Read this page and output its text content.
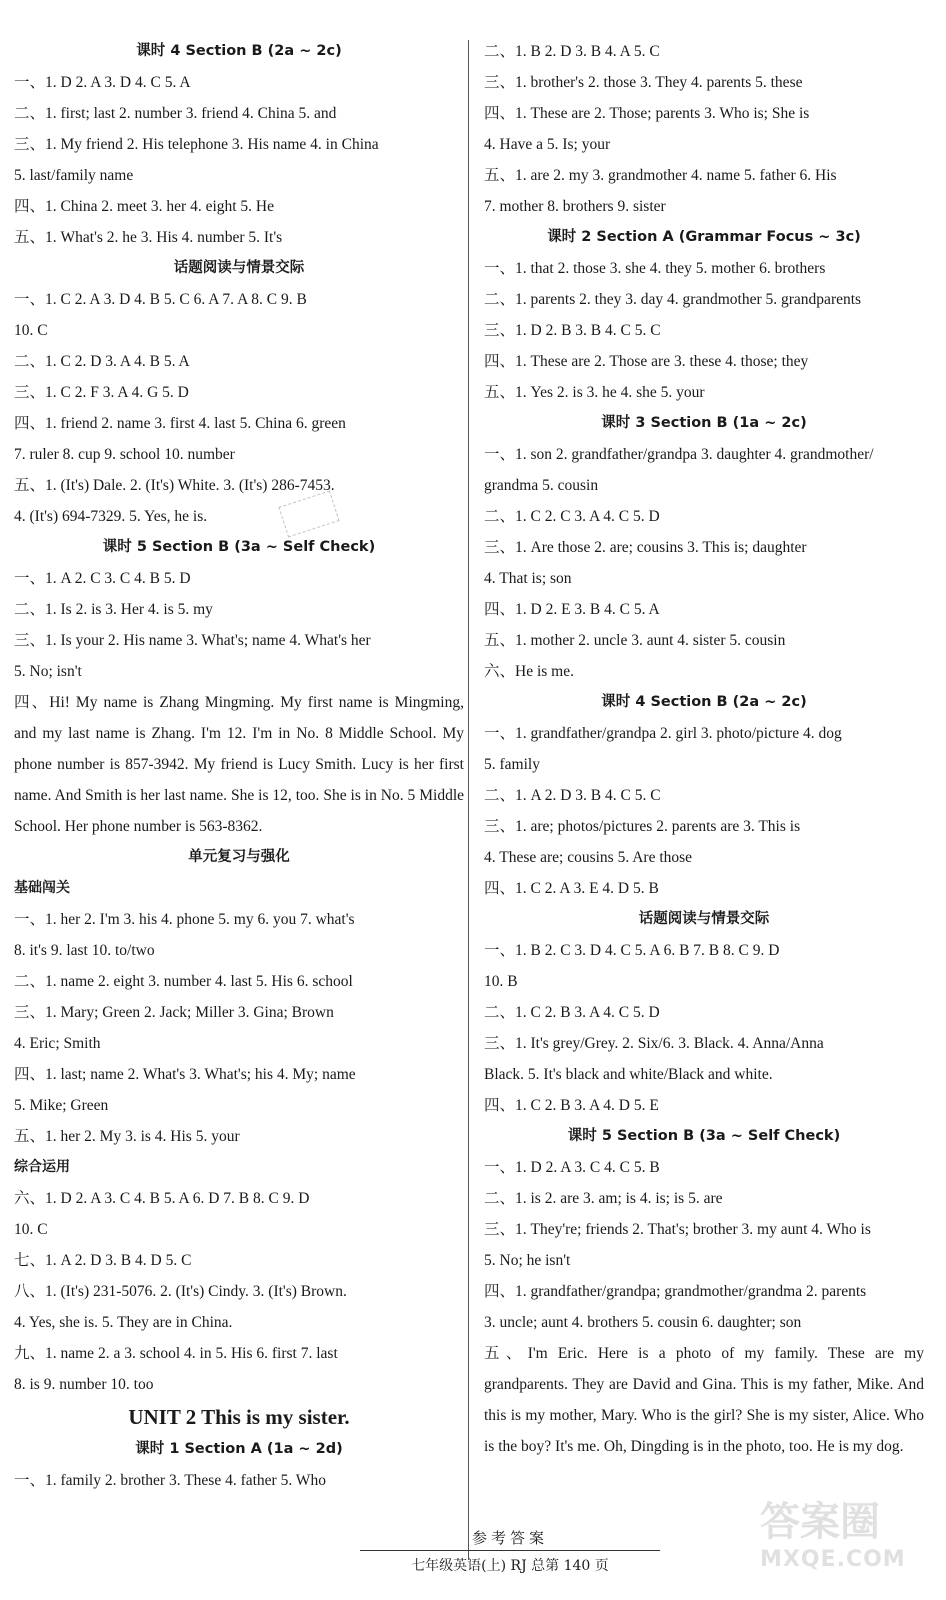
课时 4 Section B (2a ~ 2c)
一、1. D 2. A 3. D 4. C 5. A
二、1. first; last 2. number 3. friend 4. China 5. and
三、1. My friend 2. His telephone 3. His name 4. in China
5. last/family name
四、1. China 2. meet 3. her 4. eight 5. He
五、1. What's 2. he 3. His 4. number 5. It's
话题阅读与情景交际
一、1. C 2. A 3. D 4. B 5. C 6. A 7. A 8. C 9. B
10. C
二、1. C 2. D 3. A 4. B 5. A
三、1. C 2. F 3. A 4. G 5. D
四、1. friend 2. name 3. first 4. last 5. China 6. green
7. ruler 8. cup 9. school 10. number
五、1. (It's) Dale. 2. (It's) White. 3. (It's) 286-7453.
4. (It's) 694-7329. 5. Yes, he is.
课时 5 Section B (3a ~ Self Check)
一、1. A 2. C 3. C 4. B 5. D
二、1. Is 2. is 3. Her 4. is 5. my
三、1. Is your 2. His name 3. What's; name 4. What's her
5. No; isn't
四、Hi! My name is Zhang Mingming. My first name is Mingming, and my last name is Zhang. I'm 12. I'm in No. 8 Middle School. My phone number is 857-3942. My friend is Lucy Smith. Lucy is her first name. And Smith is her last name. She is 12, too. She is in No. 5 Middle School. Her phone number is 563-8362.
单元复习与强化
基础闯关
一、1. her 2. I'm 3. his 4. phone 5. my 6. you 7. what's
8. it's 9. last 10. to/two
二、1. name 2. eight 3. number 4. last 5. His 6. school
三、1. Mary; Green 2. Jack; Miller 3. Gina; Brown
4. Eric; Smith
四、1. last; name 2. What's 3. What's; his 4. My; name
5. Mike; Green
五、1. her 2. My 3. is 4. His 5. your
综合运用
六、1. D 2. A 3. C 4. B 5. A 6. D 7. B 8. C 9. D
10. C
七、1. A 2. D 3. B 4. D 5. C
八、1. (It's) 231-5076. 2. (It's) Cindy. 3. (It's) Brown.
4. Yes, she is. 5. They are in China.
九、1. name 2. a 3. school 4. in 5. His 6. first 7. last
8. is 9. number 10. too
UNIT 2 This is my sister.
课时 1 Section A (1a ~ 2d)
一、1. family 2. brother 3. These 4. father 5. Who
二、1. B 2. D 3. B 4. A 5. C
三、1. brother's 2. those 3. They 4. parents 5. these
四、1. These are 2. Those; parents 3. Who is; She is
4. Have a 5. Is; your
五、1. are 2. my 3. grandmother 4. name 5. father 6. His
7. mother 8. brothers 9. sister
课时 2 Section A (Grammar Focus ~ 3c)
一、1. that 2. those 3. she 4. they 5. mother 6. brothers
二、1. parents 2. they 3. day 4. grandmother 5. grandparents
三、1. D 2. B 3. B 4. C 5. C
四、1. These are 2. Those are 3. these 4. those; they
五、1. Yes 2. is 3. he 4. she 5. your
课时 3 Section B (1a ~ 2c)
一、1. son 2. grandfather/grandpa 3. daughter 4. grandmother/
grandma 5. cousin
二、1. C 2. C 3. A 4. C 5. D
三、1. Are those 2. are; cousins 3. This is; daughter
4. That is; son
四、1. D 2. E 3. B 4. C 5. A
五、1. mother 2. uncle 3. aunt 4. sister 5. cousin
六、He is me.
课时 4 Section B (2a ~ 2c)
一、1. grandfather/grandpa 2. girl 3. photo/picture 4. dog
5. family
二、1. A 2. D 3. B 4. C 5. C
三、1. are; photos/pictures 2. parents are 3. This is
4. These are; cousins 5. Are those
四、1. C 2. A 3. E 4. D 5. B
话题阅读与情景交际
一、1. B 2. C 3. D 4. C 5. A 6. B 7. B 8. C 9. D
10. B
二、1. C 2. B 3. A 4. C 5. D
三、1. It's grey/Grey. 2. Six/6. 3. Black. 4. Anna/Anna
Black. 5. It's black and white/Black and white.
四、1. C 2. B 3. A 4. D 5. E
课时 5 Section B (3a ~ Self Check)
一、1. D 2. A 3. C 4. C 5. B
二、1. is 2. are 3. am; is 4. is; is 5. are
三、1. They're; friends 2. That's; brother 3. my aunt 4. Who is
5. No; he isn't
四、1. grandfather/grandpa; grandmother/grandma 2. parents
3. uncle; aunt 4. brothers 5. cousin 6. daughter; son
五、I'm Eric. Here is a photo of my family. These are my grandparents. They are David and Gina. This is my father, Mike. And this is my mother, Mary. Who is the girl? She is my sister, Alice. Who is the boy? It's me. Oh, Dingding is in the photo, too. He is my dog.
参考答案
七年级英语(上) RJ 总第 140 页
答案圈
MXQE.COM
